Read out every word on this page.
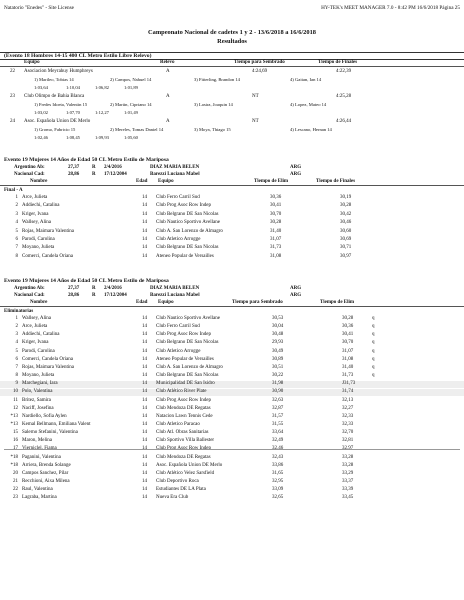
Natatorio "Enedes" - Site License	HY-TEK's MEET MANAGER 7.0 - 8:42 PM 16/6/2018 Página 25
Campeonato Nacional de cadetes 1 y 2 - 13/6/2018 a 16/6/2018
Resultados
(Evento 18 Hombres 14-15 400 CL Metro Estilo Libre Relevo)
Equipo	Relevo	Tiempo para Sembrado	Tiempo de Finales
22 Asociacion Meyrahuy Humphreys	A	4:24,69	4:22,39
1) Marileo, Tobias 14	2) Campos, Nahuel 14	3) Fitterling, Brandon 14	4) Gaitan, Ian 14
1:03,64	1:10,04	1:06,82	1:01,89
23 Club Olimpo de Bahia Blanca	A	NT	4:25,28
1) Fredes Idoeta, Valentin 15	2) Martin, Cipriano 14	3) Lastra, Joaquin 14	4) Lopez, Mateo 14
1:03,02	1:07,70	1:12,27	1:01,49
24 Asoc. Española Union DE Merlo	A	NT	4:26,44
1) Gromo, Fabricio 15	2) Mereles, Tomas Daniel 14	3) Moya, Thiago 15	4) Lescano, Hernan 14
1:02,46	1:08,45	1:09,93	1:05,60
Evento 19 Mujeres 14 Años de Edad 50 CL Metro Estilo de Mariposa
Argentino Ab:	27,37	R 2/4/2016	DIAZ MARIA BELEN	ARG
Nacional Cad:	28,86	R 17/12/2004	Barezzi Luciana Mabel	ARG
Nombre	Edad Equipo	Tiempo de Elim	Tiempo de Finales
Final - A
1 Arce, Julieta	14 Club Ferro Carril Sud	30,36	30,19
2 Addiechi, Catalina	14 Club Prog Asoc Row Indep	30,41	30,28
3 Kriger, Ivana	14 Club Belgrano DE San Nicolas	30,70	30,42
4 Wallsey, Alina	14 Club Nautico Sportivo Avellane	30,28	30,46
5 Rojas, Maimara Valentina	14 Club A. San Lorenzo de Almagro	31,40	30,60
6 Parodi, Carolina	14 Club Atletico Arrogge	31,07	30,69
7 Moyano, Julieta	14 Club Belgrano DE San Nicolas	31,73	30,71
8 Comerci, Candela Oriana	14 Ateneo Popular de Versailles	31,08	30,97
Evento 19 Mujeres 14 Años de Edad 50 CL Metro Estilo de Mariposa
Argentino Ab:	27,37	R 2/4/2016	DIAZ MARIA BELEN	ARG
Nacional Cad:	28,86	R 17/12/2004	Barezzi Luciana Mabel	ARG
Nombre	Edad Equipo	Tiempo para Sembrado	Tiempo de Elim
Eliminatorias
1 Wallsey, Alina	14 Club Nautico Sportivo Avellane	30,53	30,28	q
2 Arce, Julieta	14 Club Ferro Carril Sud	30,04	30,36	q
3 Addiechi, Catalina	14 Club Prog Asoc Row Indep	30,48	30,41	q
4 Kriger, Ivana	14 Club Belgrano DE San Nicolas	29,93	30,70	q
5 Parodi, Carolina	14 Club Atletico Arrogge	30,49	31,07	q
6 Comerci, Candela Oriana	14 Ateneo Popular de Versailles	30,89	31,08	q
7 Rojas, Maimara Valentina	14 Club A. San Lorenzo de Almagro	30,51	31,40	q
8 Moyano, Julieta	14 Club Belgrano DE San Nicolas	30,22	31,73	q
9 Marchegiani, Iara	14 Municipalidad DE San Isidro	31,98	J31,73
10 Polo, Valentina	14 Club Atlético River Plate	30,90	31,74
11 Britez, Samira	14 Club Prog Asoc Row Indep	32,63	32,13
12 Naciff, Josefina	14 Club Mendoza DE Regatas	32,87	32,27
*13 Nardiello, Sofia Aylen	14 Natacion Lawn Tennis Cede	31,57	32,33
*13 Kemal Bellmann, Emiliana Valent	14 Club Atletico Paracao	31,55	32,33
15 Salerno Stefanini, Valentina	14 Club Atl. Obras Sanitarias	33,64	32,70
16 Maron, Melina	14 Club Sportivo Villa Ballester	32,49	32,81
17 Vierniclel, Fiama	14 Club Prog Asoc Row Indep	32,46	32,97
*18 Paganini, Valentina	14 Club Mendoza DE Regatas	32,43	33,28
*18 Arriera, Brenda Solange	14 Asoc. Española Union DE Merlo	33,86	33,28
20 Campos Sanchez, Pilar	14 Club Atlético Velez Sarsfield	31,65	33,29
21 Recchioni, Aixa Milena	14 Club Deportivo Roca	32,95	33,37
22 Raul, Valentina	14 Estudiantes DE LA Plata	33,09	33,39
23 Lagraba, Martina	14 Nueva Era Club	32,65	33,45
